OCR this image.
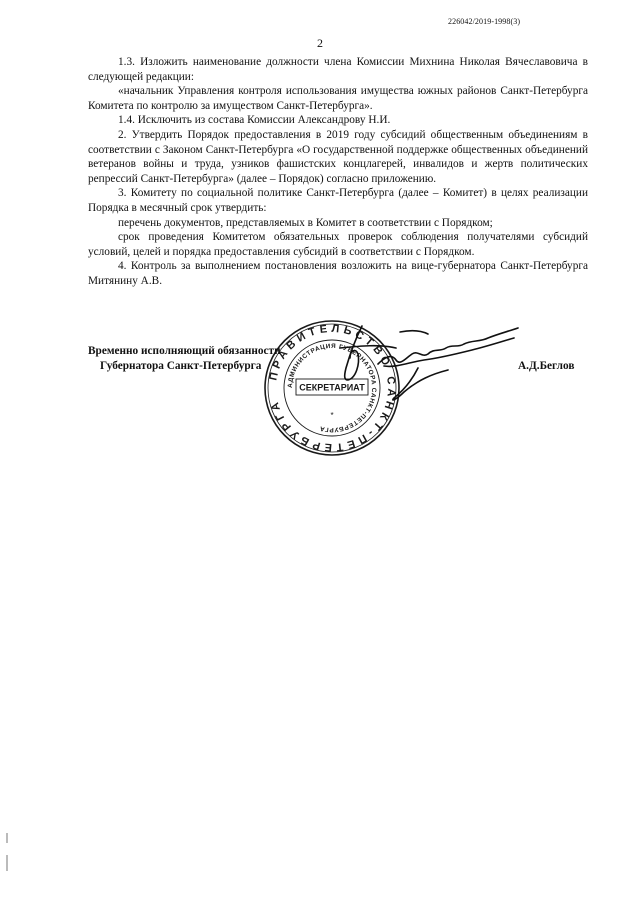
226042/2019-1998(3)
2

1.3. Изложить наименование должности члена Комиссии Михнина Николая Вячеславовича в следующей редакции:

«начальник Управления контроля использования имущества южных районов Санкт-Петербурга Комитета по контролю за имуществом Санкт-Петербурга».

1.4. Исключить из состава Комиссии Александрову Н.И.

2. Утвердить Порядок предоставления в 2019 году субсидий общественным объединениям в соответствии с Законом Санкт-Петербурга «О государственной поддержке общественных объединений ветеранов войны и труда, узников фашистских концлагерей, инвалидов и жертв политических репрессий Санкт-Петербурга» (далее – Порядок) согласно приложению.

3. Комитету по социальной политике Санкт-Петербурга (далее – Комитет) в целях реализации Порядка в месячный срок утвердить:

перечень документов, представляемых в Комитет в соответствии с Порядком;

срок проведения Комитетом обязательных проверок соблюдения получателями субсидий условий, целей и порядка предоставления субсидий в соответствии с Порядком.

4. Контроль за выполнением постановления возложить на вице-губернатора Санкт-Петербурга Митянину А.В.

ПРАВИТЕЛЬСТВО САНКТ-ПЕТЕРБУРГА
АДМИНИСТРАЦИЯ ГУБЕРНАТОРА САНКТ-ПЕТЕРБУРГА
СЕКРЕТАРИАТ
*
Временно исполняющий обязанности
Губернатора Санкт-Петербурга	А.Д.Беглов
